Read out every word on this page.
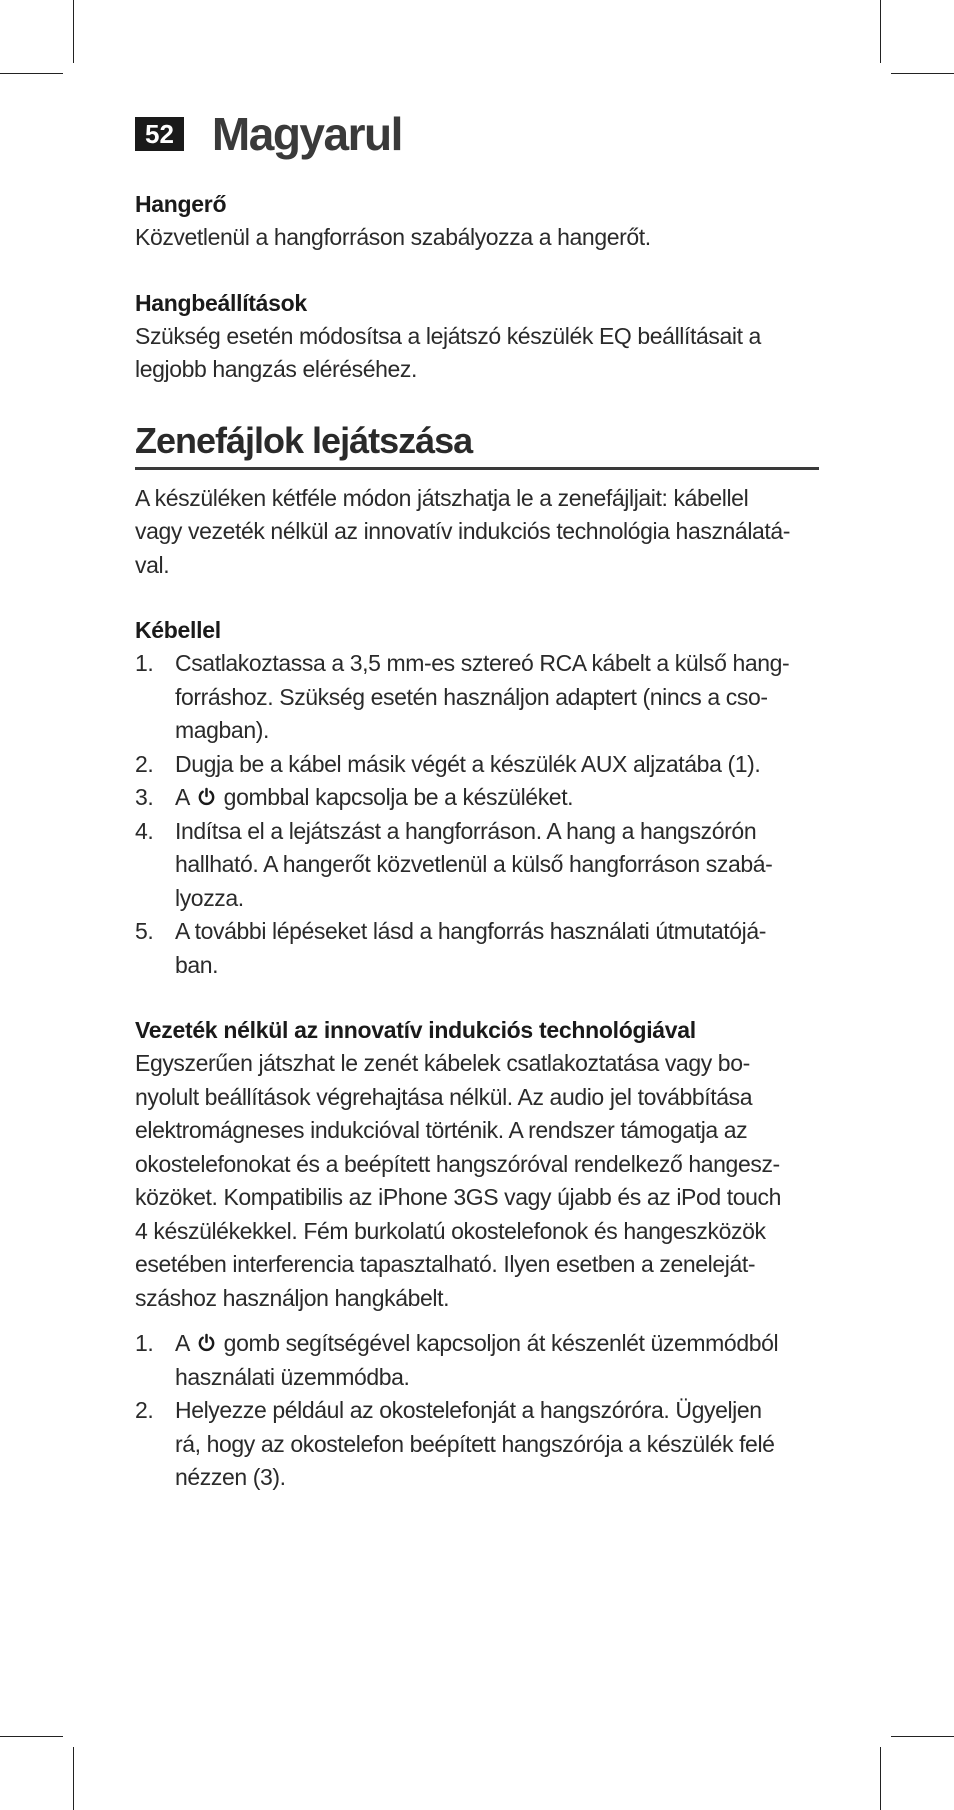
52 Magyarul
Hangerő

Közvetlenül a hangforráson szabályozza a hangerőt.

Hangbeállítások

Szükség esetén módosítsa a lejátszó készülék EQ beállításait a

legjobb hangzás eléréséhez.

Zenefájlok lejátszása

A készüléken kétféle módon játszhatja le a zenefájljait: kábellel

vagy vezeték nélkül az innovatív indukciós technológia használatá-

val.

Kébellel
1. Csatlakoztassa a 3,5 mm-es sztereó RCA kábelt a külső hang-
forráshoz. Szükség esetén használjon adaptert (nincs a cso-
magban).
2. Dugja be a kábel másik végét a készülék AUX aljzatába (1).
3. A gombbal kapcsolja be a készüléket.
4. Indítsa el a lejátszást a hangforráson. A hang a hangszórón
hallható. A hangerőt közvetlenül a külső hangforráson szabá-
lyozza.
5. A további lépéseket lásd a hangforrás használati útmutatójá-
ban.
Vezeték nélkül az innovatív indukciós technológiával

Egyszerűen játszhat le zenét kábelek csatlakoztatása vagy bo-

nyolult beállítások végrehajtása nélkül. Az audio jel továbbítása

elektromágneses indukcióval történik. A rendszer támogatja az

okostelefonokat és a beépített hangszóróval rendelkező hangesz-

közöket. Kompatibilis az iPhone 3GS vagy újabb és az iPod touch

4 készülékekkel. Fém burkolatú okostelefonok és hangeszközök

esetében interferencia tapasztalható. Ilyen esetben a zeneleját-

száshoz használjon hangkábelt.

1. A gomb segítségével kapcsoljon át készenlét üzemmódból
használati üzemmódba.
2. Helyezze például az okostelefonját a hangszóróra. Ügyeljen
rá, hogy az okostelefon beépített hangszórója a készülék felé
nézzen (3).
